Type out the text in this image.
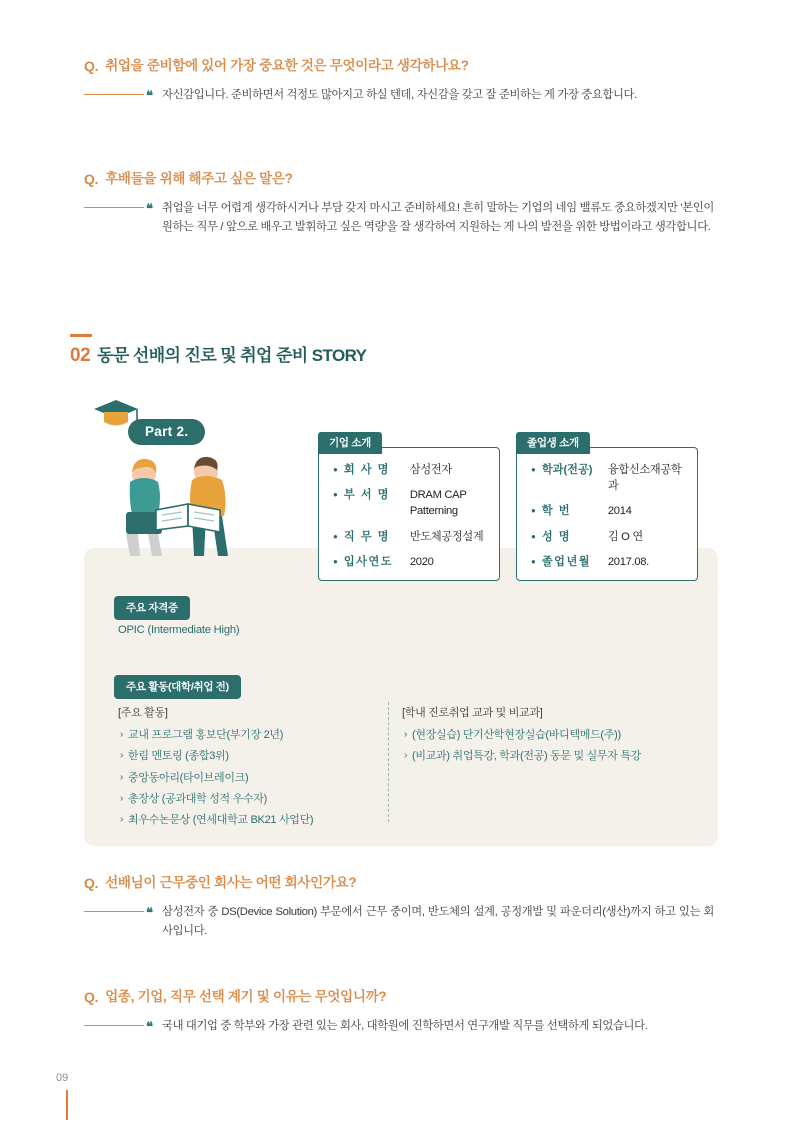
Q. 취업을 준비함에 있어 가장 중요한 것은 무엇이라고 생각하나요?
❝ 자신감입니다. 준비하면서 걱정도 많아지고 하실 텐데, 자신감을 갖고 잘 준비하는 게 가장 중요합니다.
Q. 후배들을 위해 해주고 싶은 말은?
❝ 취업을 너무 어렵게 생각하시거나 부담 갖지 마시고 준비하세요! 흔히 말하는 기업의 네임 밸류도 중요하겠지만 '본인이 원하는 직무 / 앞으로 배우고 발휘하고 싶은 역량'을 잘 생각하여 지원하는 게 나의 발전을 위한 방법이라고 생각합니다.
02 동문 선배의 진로 및 취업 준비 STORY
Part 2.
기업 소개
● 회 사 명	삼성전자
● 부 서 명	DRAM CAP Patterning
● 직 무 명	반도체공정설계
● 입사연도	2020
졸업생 소개
● 학과(전공)	융합신소재공학과
● 학 번	2014
● 성 명	김 O 연
● 졸업년월	2017.08.
주요 자격증
OPIC (Intermediate High)
주요 활동(대학/취업 전)
[주요 활동]
› 교내 프로그램 홍보단(부기장 2년)
› 한림 멘토링 (종합3위)
› 중앙동아리(타이브레이크)
› 총장상 (공과대학 성적 우수자)
› 최우수논문상 (연세대학교 BK21 사업단)
[학내 진로취업 교과 및 비교과]
› (현장실습) 단기산학현장실습(바디텍메드(주))
› (비교과) 취업특강, 학과(전공) 동문 및 실무자 특강
Q. 선배님이 근무중인 회사는 어떤 회사인가요?
❝ 삼성전자 중 DS(Device Solution) 부문에서 근무 중이며, 반도체의 설계, 공정개발 및 파운더리(생산)까지 하고 있는 회사입니다.
Q. 업종, 기업, 직무 선택 계기 및 이유는 무엇입니까?
❝ 국내 대기업 중 학부와 가장 관련 있는 회사, 대학원에 진학하면서 연구개발 직무를 선택하게 되었습니다.
09
